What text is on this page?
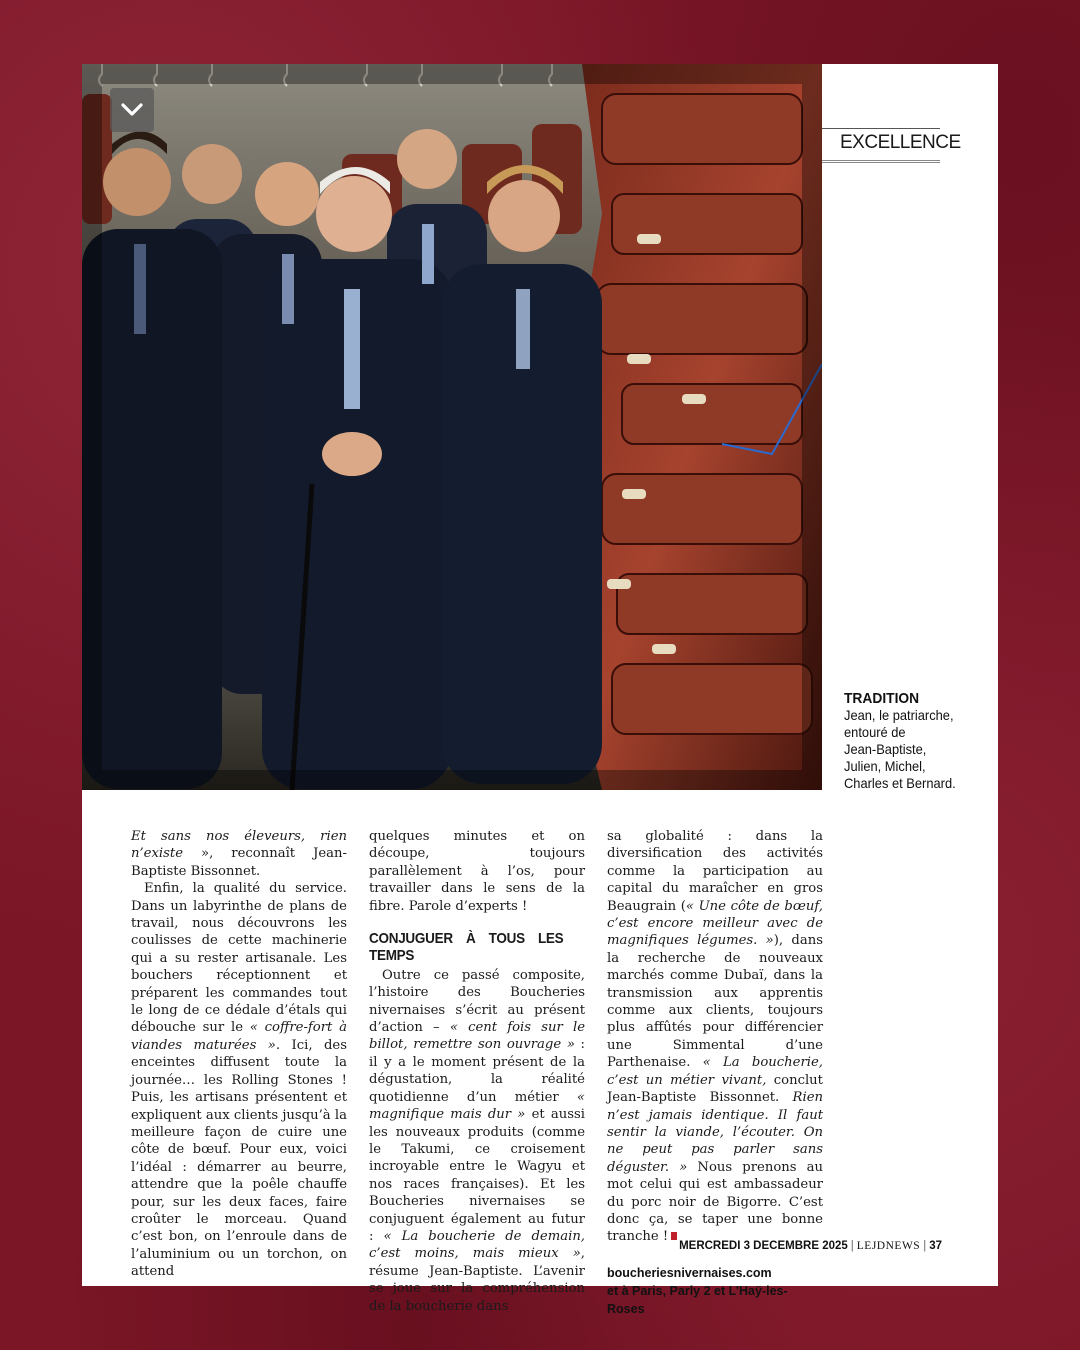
EXCELLENCE
TRADITION
Jean, le patriarche,
entouré de
Jean-Baptiste,
Julien, Michel,
Charles et Bernard.

Et sans nos éleveurs, rien n’existe », reconnaît Jean-Baptiste Bissonnet.

Enfin, la qualité du service. Dans un labyrinthe de plans de travail, nous découvrons les coulisses de cette machinerie qui a su rester artisanale. Les bouchers réceptionnent et préparent les commandes tout le long de ce dédale d’étals qui débouche sur le « coffre-fort à viandes maturées ». Ici, des enceintes diffusent toute la journée… les Rolling Stones ! Puis, les artisans présentent et expliquent aux clients jusqu’à la meilleure façon de cuire une côte de bœuf. Pour eux, voici l’idéal : démarrer au beurre, attendre que la poêle chauffe pour, sur les deux faces, faire croûter le morceau. Quand c’est bon, on l’enroule dans de l’aluminium ou un torchon, on attend

quelques minutes et on découpe, toujours parallèlement à l’os, pour travailler dans le sens de la fibre. Parole d’experts !

CONJUGUER À TOUS LES TEMPS

Outre ce passé composite, l’histoire des Boucheries nivernaises s’écrit au présent d’action – « cent fois sur le billot, remettre son ouvrage » : il y a le moment présent de la dégustation, la réalité quotidienne d’un métier « magnifique mais dur » et aussi les nouveaux produits (comme le Takumi, ce croisement incroyable entre le Wagyu et nos races françaises). Et les Boucheries nivernaises se conjuguent également au futur : « La boucherie de demain, c’est moins, mais mieux », résume Jean-Baptiste. L’avenir se joue sur la compréhension de la boucherie dans

sa globalité : dans la diversification des activités comme la participation au capital du maraîcher en gros Beaugrain (« Une côte de bœuf, c’est encore meilleur avec de magnifiques légumes. »), dans la recherche de nouveaux marchés comme Dubaï, dans la transmission aux apprentis comme aux clients, toujours plus affûtés pour différencier une Simmental d’une Parthenaise. « La boucherie, c’est un métier vivant, conclut Jean-Baptiste Bissonnet. Rien n’est jamais identique. Il faut sentir la viande, l’écouter. On ne peut pas parler sans déguster. » Nous prenons au mot celui qui est ambassadeur du porc noir de Bigorre. C’est donc ça, se taper une bonne tranche !

boucheriesnivernaises.com
et à Paris, Parly 2 et L’Haÿ-les-Roses
MERCREDI 3 DECEMBRE 2025 | LEJDNEWS | 37
